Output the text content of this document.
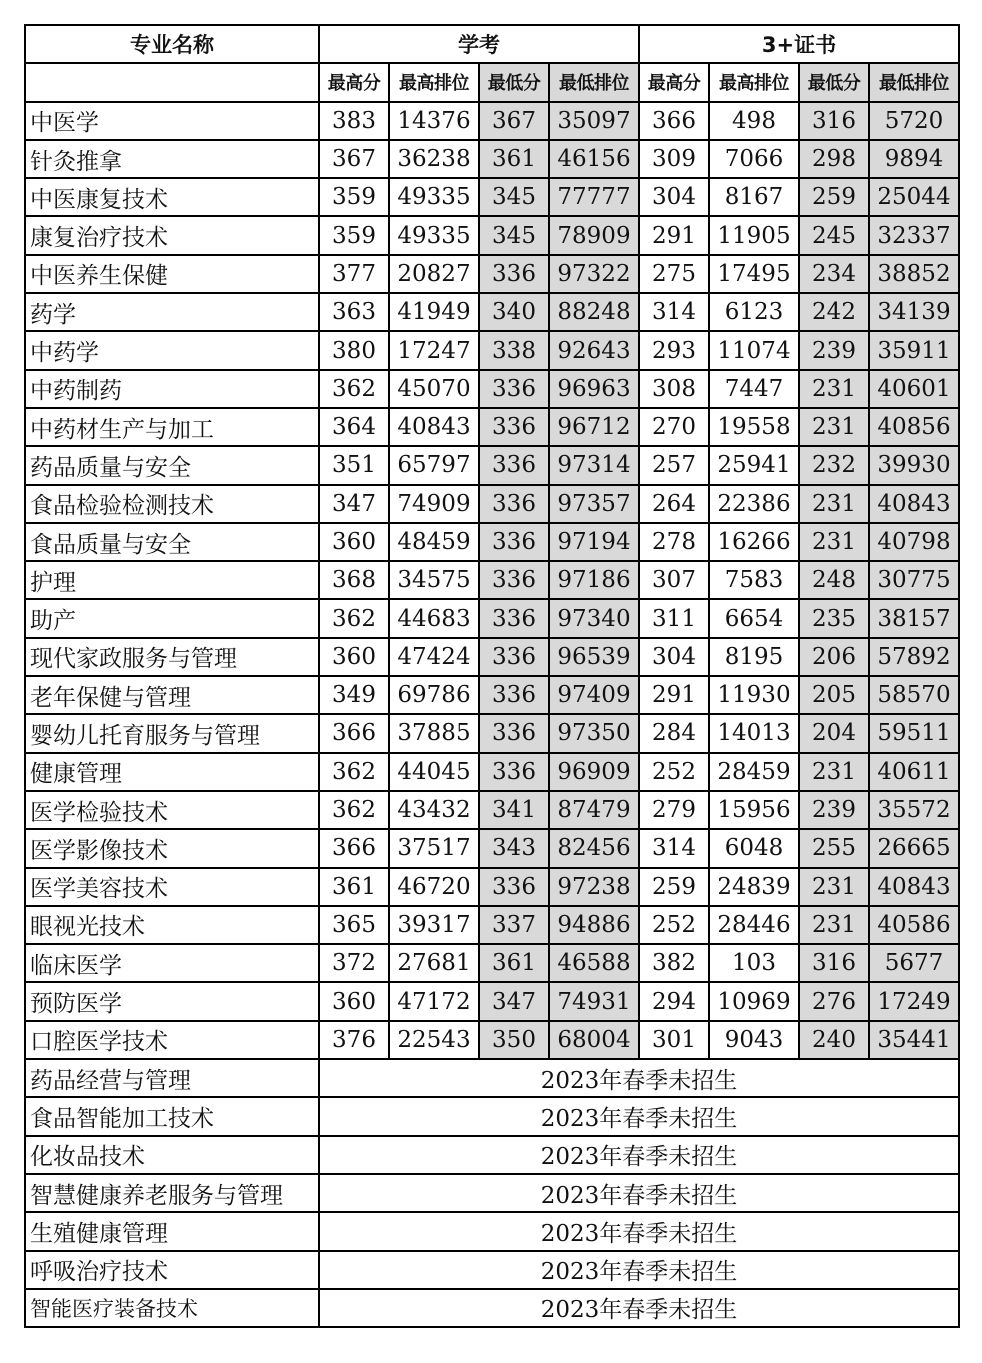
专业名称	学考				3+证书			
	最高分	最高排位	最低分	最低排位	最高分	最高排位	最低分	最低排位
中医学	383	14376	367	35097	366	498	316	5720
针灸推拿	367	36238	361	46156	309	7066	298	9894
中医康复技术	359	49335	345	77777	304	8167	259	25044
康复治疗技术	359	49335	345	78909	291	11905	245	32337
中医养生保健	377	20827	336	97322	275	17495	234	38852
药学	363	41949	340	88248	314	6123	242	34139
中药学	380	17247	338	92643	293	11074	239	35911
中药制药	362	45070	336	96963	308	7447	231	40601
中药材生产与加工	364	40843	336	96712	270	19558	231	40856
药品质量与安全	351	65797	336	97314	257	25941	232	39930
食品检验检测技术	347	74909	336	97357	264	22386	231	40843
食品质量与安全	360	48459	336	97194	278	16266	231	40798
护理	368	34575	336	97186	307	7583	248	30775
助产	362	44683	336	97340	311	6654	235	38157
现代家政服务与管理	360	47424	336	96539	304	8195	206	57892
老年保健与管理	349	69786	336	97409	291	11930	205	58570
婴幼儿托育服务与管理	366	37885	336	97350	284	14013	204	59511
健康管理	362	44045	336	96909	252	28459	231	40611
医学检验技术	362	43432	341	87479	279	15956	239	35572
医学影像技术	366	37517	343	82456	314	6048	255	26665
医学美容技术	361	46720	336	97238	259	24839	231	40843
眼视光技术	365	39317	337	94886	252	28446	231	40586
临床医学	372	27681	361	46588	382	103	316	5677
预防医学	360	47172	347	74931	294	10969	276	17249
口腔医学技术	376	22543	350	68004	301	9043	240	35441
药品经营与管理	2023年春季未招生							
食品智能加工技术	2023年春季未招生							
化妆品技术	2023年春季未招生							
智慧健康养老服务与管理	2023年春季未招生							
生殖健康管理	2023年春季未招生							
呼吸治疗技术	2023年春季未招生							
智能医疗装备技术	2023年春季未招生							
